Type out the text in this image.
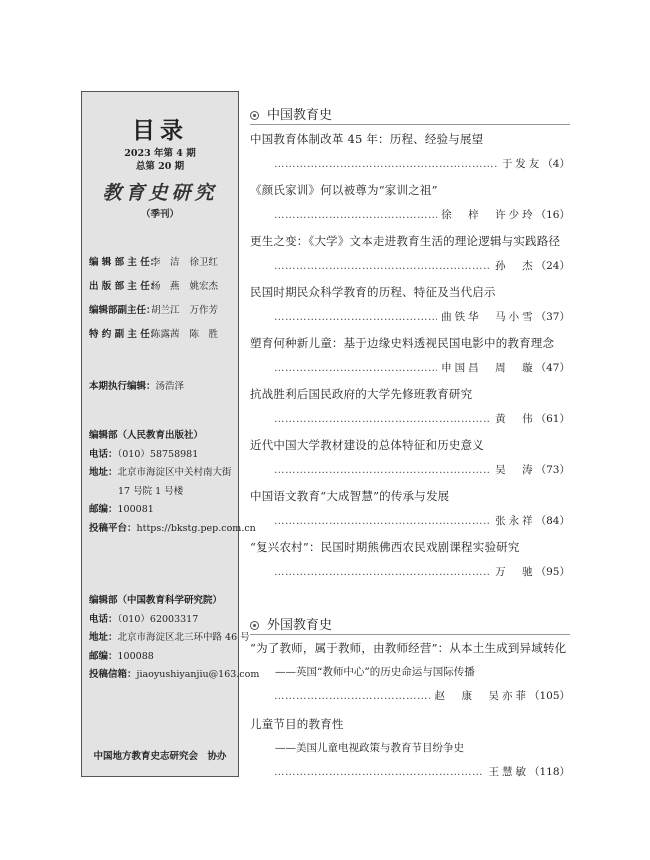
目录
2023 年第 4 期
总第 20 期
教育史研究
（季刊）
编 辑 部 主 任：李　洁 徐卫红
出 版 部 主 任：杨　燕 姚宏杰
编辑部副主任：胡兰江 万作芳
特 约 副 主 任：陈露茜 陈　胜
本期执行编辑：汤浩泽
编辑部（人民教育出版社）
电话：（010）58758981
地址：北京市海淀区中关村南大街
17 号院 1 号楼
邮编：100081
投稿平台：https://bkstg.pep.com.cn
编辑部（中国教育科学研究院）
电话：（010）62003317
地址：北京市海淀区北三环中路 46 号
邮编：100088
投稿信箱：jiaoyushiyanjiu@163.com
中国地方教育史志研究会　协办
中国教育史
中国教育体制改革 45 年：历程、经验与展望
……………………………………………………………………………………………………………………………………
于发友 （4）
《颜氏家训》何以被尊为“家训之祖”
……………………………………………………………………………………………………………………………………
徐　梓　许少玲 （16）
更生之变：《大学》文本走进教育生活的理论逻辑与实践路径
……………………………………………………………………………………………………………………………………
孙　杰 （24）
民国时期民众科学教育的历程、特征及当代启示
……………………………………………………………………………………………………………………………………
曲铁华　马小雪 （37）
塑育何种新儿童：基于边缘史料透视民国电影中的教育理念
……………………………………………………………………………………………………………………………………
申国昌　周　璇 （47）
抗战胜利后国民政府的大学先修班教育研究
……………………………………………………………………………………………………………………………………
黄　伟 （61）
近代中国大学教材建设的总体特征和历史意义
……………………………………………………………………………………………………………………………………
吴　涛 （73）
中国语文教育“大成智慧”的传承与发展
……………………………………………………………………………………………………………………………………
张永祥 （84）
“复兴农村”：民国时期熊佛西农民戏剧课程实验研究
……………………………………………………………………………………………………………………………………
万　驰 （95）
外国教育史
“为了教师，属于教师，由教师经营”：从本土生成到异域转化
——英国“教师中心”的历史命运与国际传播
……………………………………………………………………………………………………………………………………
赵　康　吴亦菲 （105）
儿童节目的教育性
——美国儿童电视政策与教育节目纷争史
……………………………………………………………………………………………………………………………………
王慧敏 （118）
